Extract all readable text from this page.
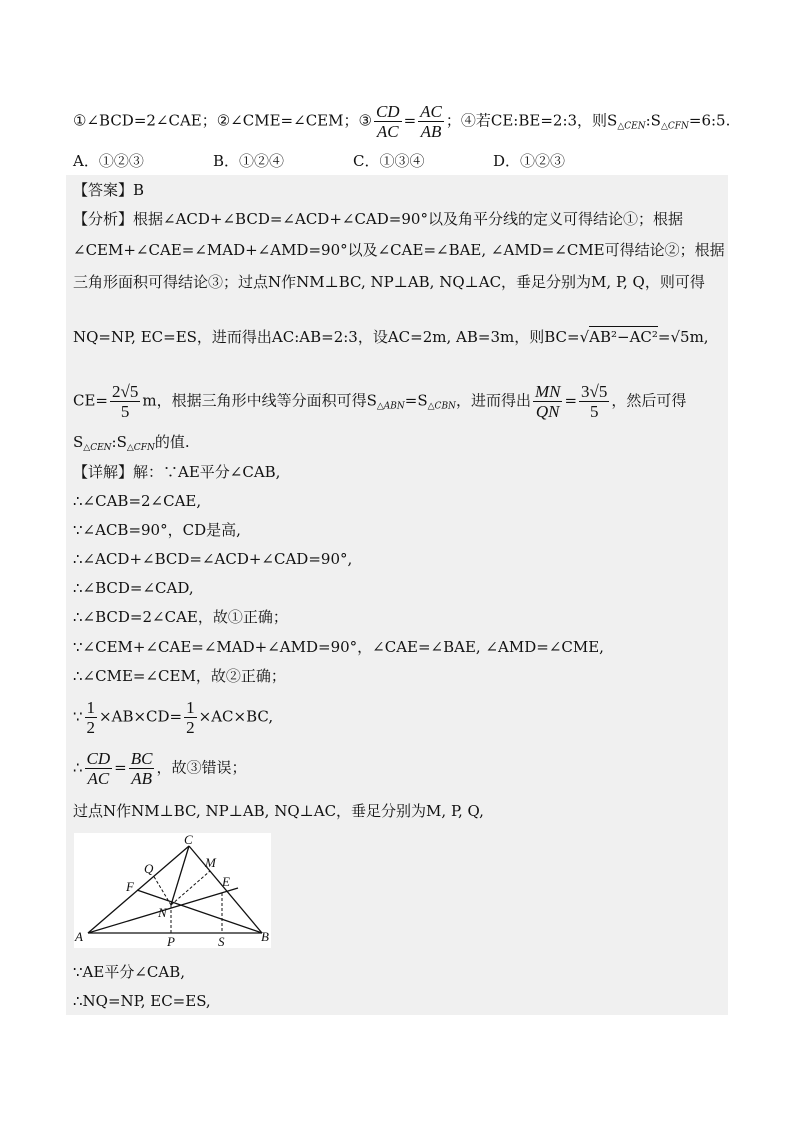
①∠BCD=2∠CAE；②∠CME=∠CEM；③ $\frac{CD}{AC} = \frac{AC}{AB}$ ；④若CE:BE=2:3，则$S_{\triangle CEN}:S_{\triangle CFN}=6:5$.
A．①②③	B．①②④	C．①③④	D．①②③
【答案】B
【分析】根据∠ACD+∠BCD=∠ACD+∠CAD=90°以及角平分线的定义可得结论①；根据
∠CEM+∠CAE=∠MAD+∠AMD=90°以及∠CAE=∠BAE, ∠AMD=∠CME可得结论②；根据
三角形面积可得结论③；过点N作NM⊥BC, NP⊥AB, NQ⊥AC，垂足分别为M, P, Q，则可得
NQ=NP, EC=ES，进而得出AC:AB=2:3，设AC=2m, AB=3m，则BC=√AB²−AC²=√5m,
$CE= \frac{2√5}{5}$ m，根据三角形中线等分面积可得$S_{\triangle ABN}=S_{\triangle CBN}$，进而得出 $\frac{MN}{QN} = \frac{3√5}{5}$ ，然后可得
$S_{\triangle CEN}:S_{\triangle CFN}$的值.
【详解】解：∵AE平分∠CAB,
∴∠CAB=2∠CAE,
∵∠ACB=90°，CD是高,
∴∠ACD+∠BCD=∠ACD+∠CAD=90°,
∴∠BCD=∠CAD,
∴∠BCD=2∠CAE，故①正确；
∵∠CEM+∠CAE=∠MAD+∠AMD=90°，∠CAE=∠BAE, ∠AMD=∠CME,
∴∠CME=∠CEM，故②正确；
∵ $\frac{1}{2} \times AB\times CD= \frac{1}{2} \times AC\times BC$,
∴ $\frac{CD}{AC} = \frac{BC}{AB}$ ，故③错误；
过点N作NM⊥BC, NP⊥AB, NQ⊥AC，垂足分别为M, P, Q,
C
Q	M
F	E
N
A	P	S	B
∵AE平分∠CAB,
∴NQ=NP, EC=ES,
